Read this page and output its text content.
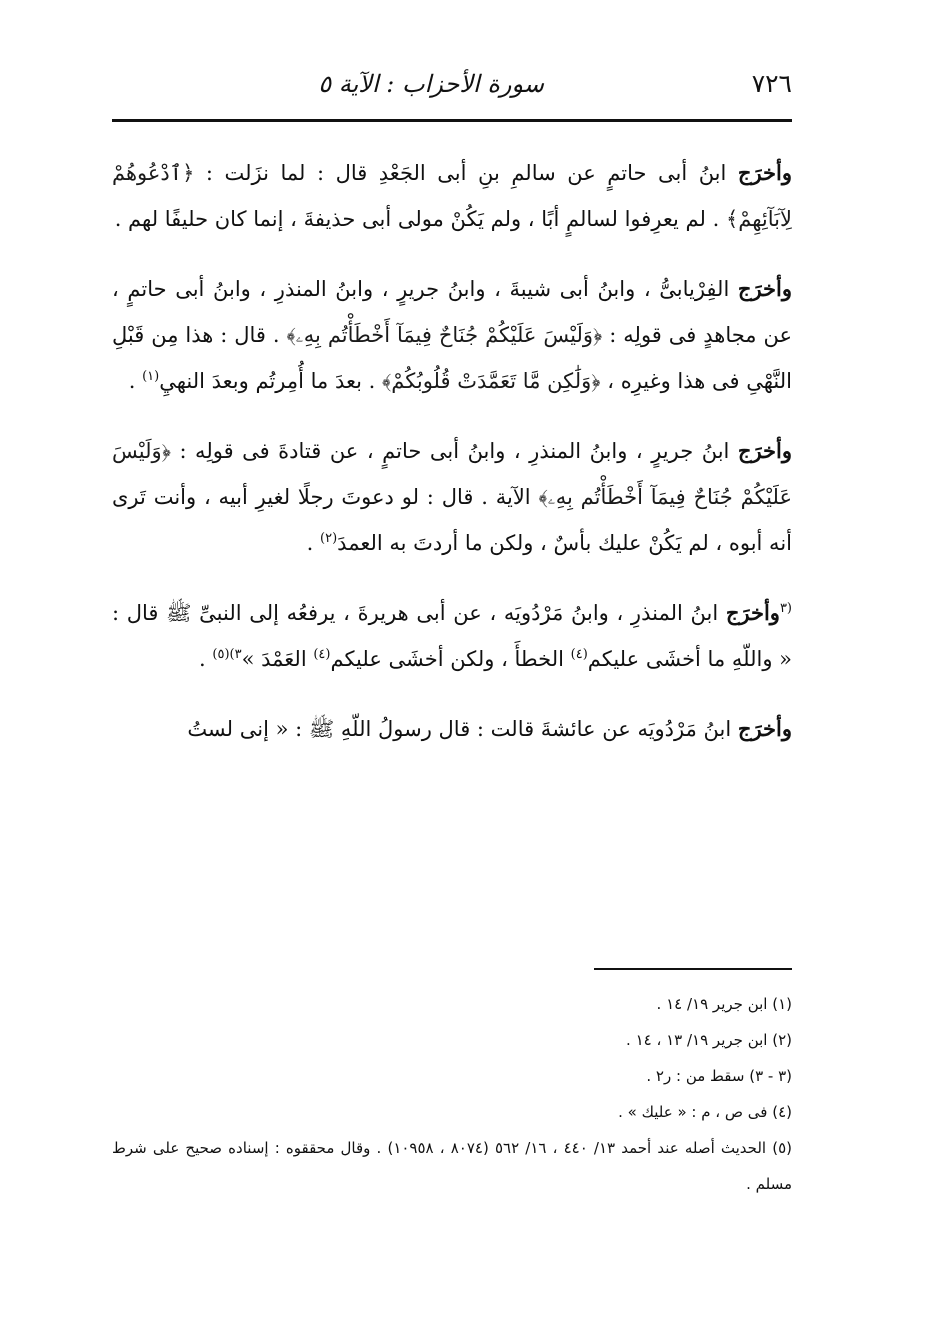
٧٢٦
سورة الأحزاب : الآية ٥

وأخرَج ابنُ أبى حاتمٍ عن سالمِ بنِ أبى الجَعْدِ قال : لما نزَلت : ﴿ٱدْعُوهُمْ لِآبَآئِهِمْ﴾ . لم يعرِفوا لسالمٍ أبًا ، ولم يَكُنْ مولى أبى حذيفةَ ، إنما كان حليفًا لهم .

وأخرَج الفِرْيابىُّ ، وابنُ أبى شيبةَ ، وابنُ جريرٍ ، وابنُ المنذرِ ، وابنُ أبى حاتمٍ ، عن مجاهدٍ فى قولِه : ﴿وَلَيْسَ عَلَيْكُمْ جُنَاحٌ فِيمَآ أَخْطَأْتُم بِهِۦ﴾ . قال : هذا مِن قَبْلِ النَّهْىِ فى هذا وغيرِه ، ﴿وَلَٰكِن مَّا تَعَمَّدَتْ قُلُوبُكُمْ﴾ . بعدَ ما أُمِرتُم وبعدَ النهيِ$^{(١)}$ .

وأخرَج ابنُ جريرٍ ، وابنُ المنذرِ ، وابنُ أبى حاتمٍ ، عن قتادةَ فى قولِه : ﴿وَلَيْسَ عَلَيْكُمْ جُنَاحٌ فِيمَآ أَخْطَأْتُم بِهِۦ﴾ الآية . قال : لو دعوتَ رجلًا لغيرِ أبيه ، وأنت تَرى أنه أبوه ، لم يَكُنْ عليك بأسٌ ، ولكن ما أردتَ به العمدَ$^{(٢)}$ .

$^{(٣}$وأخرَج ابنُ المنذرِ ، وابنُ مَرْدُويَه ، عن أبى هريرةَ ، يرفعُه إلى النبىِّ ﷺ قال : « واللّهِ ما أخشَى عليكم$^{(٤)}$ الخطأَ ، ولكن أخشَى عليكم$^{(٤)}$ العَمْدَ »$^{٣)(٥)}$ .

وأخرَج ابنُ مَرْدُويَه عن عائشةَ قالت : قال رسولُ اللّهِ ﷺ : « إنى لستُ

(١) ابن جرير ١٩/ ١٤ .

(٢) ابن جرير ١٩/ ١٣ ، ١٤ .

(٣ - ٣) سقط من : ر٢ .

(٤) فى ص ، م : « عليك » .

(٥) الحديث أصله عند أحمد ١٣/ ٤٤٠ ، ١٦/ ٥٦٢ (٨٠٧٤ ، ١٠٩٥٨) . وقال محققوه : إسناده صحيح على شرط مسلم .
